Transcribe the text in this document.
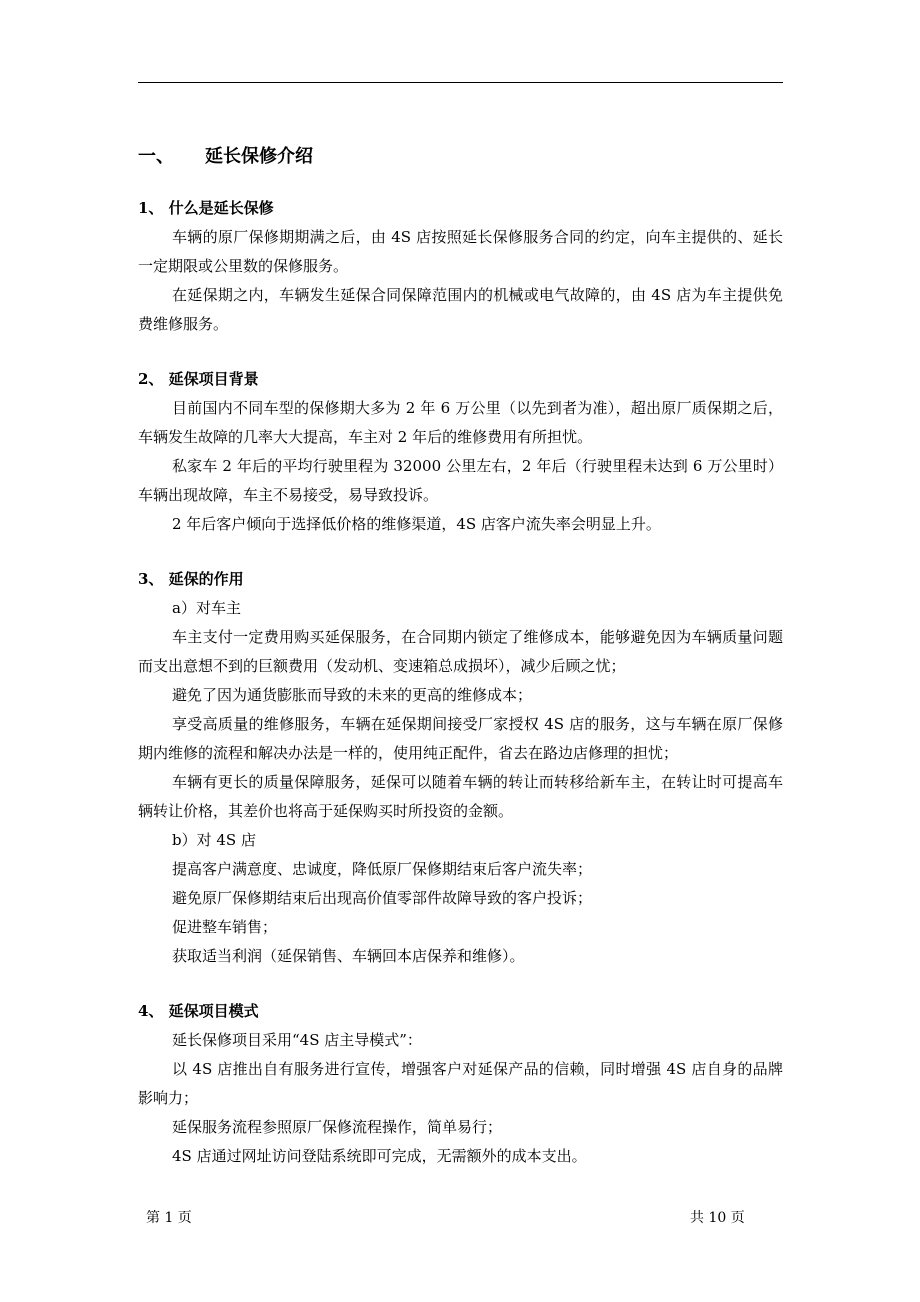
一、 延长保修介绍
1、 什么是延长保修

车辆的原厂保修期期满之后，由 4S 店按照延长保修服务合同的约定，向车主提供的、延长一定期限或公里数的保修服务。

在延保期之内，车辆发生延保合同保障范围内的机械或电气故障的，由 4S 店为车主提供免费维修服务。

2、 延保项目背景

目前国内不同车型的保修期大多为 2 年 6 万公里（以先到者为准），超出原厂质保期之后，车辆发生故障的几率大大提高，车主对 2 年后的维修费用有所担忧。

私家车 2 年后的平均行驶里程为 32000 公里左右，2 年后（行驶里程未达到 6 万公里时）车辆出现故障，车主不易接受，易导致投诉。

2 年后客户倾向于选择低价格的维修渠道，4S 店客户流失率会明显上升。

3、 延保的作用

a）对车主

车主支付一定费用购买延保服务，在合同期内锁定了维修成本，能够避免因为车辆质量问题而支出意想不到的巨额费用（发动机、变速箱总成损坏），减少后顾之忧；

避免了因为通货膨胀而导致的未来的更高的维修成本；

享受高质量的维修服务，车辆在延保期间接受厂家授权 4S 店的服务，这与车辆在原厂保修期内维修的流程和解决办法是一样的，使用纯正配件，省去在路边店修理的担忧；

车辆有更长的质量保障服务，延保可以随着车辆的转让而转移给新车主，在转让时可提高车辆转让价格，其差价也将高于延保购买时所投资的金额。

b）对 4S 店

提高客户满意度、忠诚度，降低原厂保修期结束后客户流失率；

避免原厂保修期结束后出现高价值零部件故障导致的客户投诉；

促进整车销售；

获取适当利润（延保销售、车辆回本店保养和维修）。

4、 延保项目模式

延长保修项目采用“4S 店主导模式”：

以 4S 店推出自有服务进行宣传，增强客户对延保产品的信赖，同时增强 4S 店自身的品牌影响力；

延保服务流程参照原厂保修流程操作，简单易行；

4S 店通过网址访问登陆系统即可完成，无需额外的成本支出。

第 1 页	共 10 页
